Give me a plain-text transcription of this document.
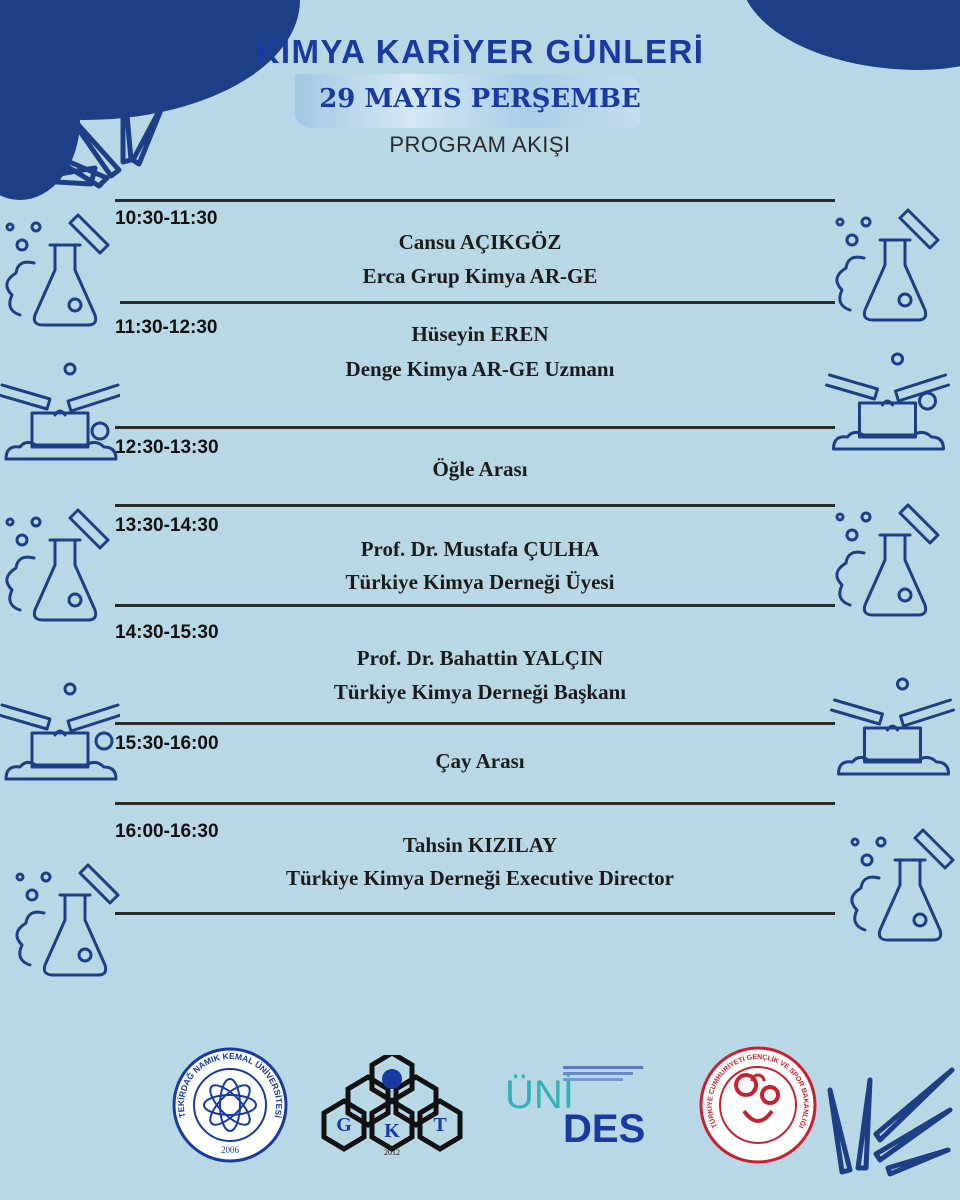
KİMYA KARİYER GÜNLERİ
29 MAYIS PERŞEMBE
PROGRAM AKIŞI
10:30-11:30
Cansu AÇIKGÖZ
Erca Grup Kimya AR-GE
11:30-12:30	Hüseyin EREN
Denge Kimya AR-GE Uzmanı
12:30-13:30
Öğle Arası
13:30-14:30
Prof. Dr. Mustafa ÇULHA
Türkiye Kimya Derneği Üyesi
14:30-15:30
Prof. Dr. Bahattin YALÇIN
Türkiye Kimya Derneği Başkanı
15:30-16:00
Çay Arası
16:00-16:30
Tahsin KIZILAY
Türkiye Kimya Derneği Executive Director
TEKİRDAĞ NAMIK KEMAL ÜNİVERSİTESİ
2006
G K T
2012
ÜNİ
DES	TÜRKİYE CUMHURİYETİ GENÇLİK VE SPOR BAKANLIĞI
